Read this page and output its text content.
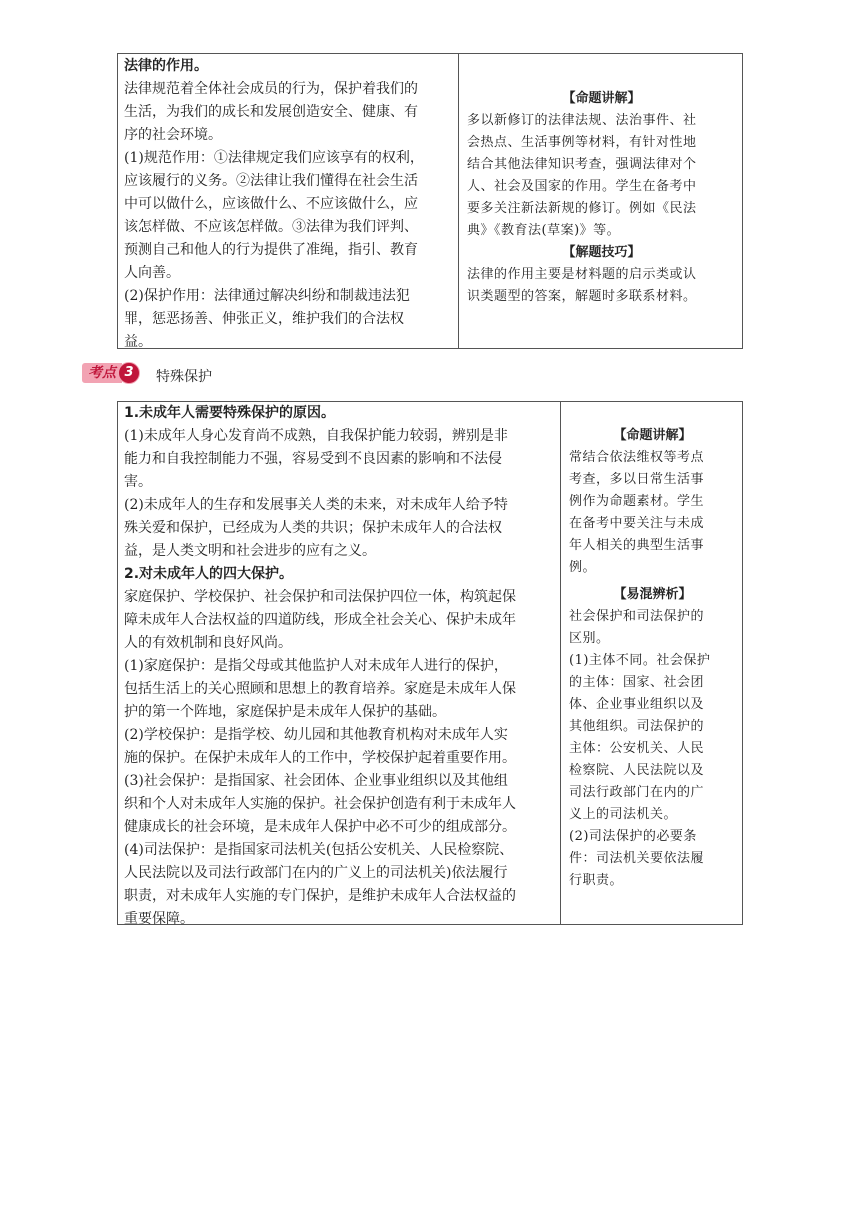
法律的作用。

法律规范着全体社会成员的行为，保护着我们的

生活，为我们的成长和发展创造安全、健康、有

序的社会环境。

(1)规范作用：①法律规定我们应该享有的权利，

应该履行的义务。②法律让我们懂得在社会生活

中可以做什么，应该做什么、不应该做什么，应

该怎样做、不应该怎样做。③法律为我们评判、

预测自己和他人的行为提供了准绳，指引、教育

人向善。

(2)保护作用：法律通过解决纠纷和制裁违法犯

罪，惩恶扬善、伸张正义，维护我们的合法权

益。

【命题讲解】

多以新修订的法律法规、法治事件、社

会热点、生活事例等材料，有针对性地

结合其他法律知识考查，强调法律对个

人、社会及国家的作用。学生在备考中

要多关注新法新规的修订。例如《民法

典》《教育法(草案)》等。

【解题技巧】

法律的作用主要是材料题的启示类或认

识类题型的答案，解题时多联系材料。

考点 3	特殊保护

1.未成年人需要特殊保护的原因。

(1)未成年人身心发育尚不成熟，自我保护能力较弱，辨别是非

能力和自我控制能力不强，容易受到不良因素的影响和不法侵

害。

(2)未成年人的生存和发展事关人类的未来，对未成年人给予特

殊关爱和保护，已经成为人类的共识；保护未成年人的合法权

益，是人类文明和社会进步的应有之义。

2.对未成年人的四大保护。

家庭保护、学校保护、社会保护和司法保护四位一体，构筑起保

障未成年人合法权益的四道防线，形成全社会关心、保护未成年

人的有效机制和良好风尚。

(1)家庭保护：是指父母或其他监护人对未成年人进行的保护，

包括生活上的关心照顾和思想上的教育培养。家庭是未成年人保

护的第一个阵地，家庭保护是未成年人保护的基础。

(2)学校保护：是指学校、幼儿园和其他教育机构对未成年人实

施的保护。在保护未成年人的工作中，学校保护起着重要作用。

(3)社会保护：是指国家、社会团体、企业事业组织以及其他组

织和个人对未成年人实施的保护。社会保护创造有利于未成年人

健康成长的社会环境，是未成年人保护中必不可少的组成部分。

(4)司法保护：是指国家司法机关(包括公安机关、人民检察院、

人民法院以及司法行政部门在内的广义上的司法机关)依法履行

职责，对未成年人实施的专门保护，是维护未成年人合法权益的

重要保障。

【命题讲解】

常结合依法维权等考点

考查，多以日常生活事

例作为命题素材。学生

在备考中要关注与未成

年人相关的典型生活事

例。

【易混辨析】

社会保护和司法保护的

区别。

(1)主体不同。社会保护

的主体：国家、社会团

体、企业事业组织以及

其他组织。司法保护的

主体：公安机关、人民

检察院、人民法院以及

司法行政部门在内的广

义上的司法机关。

(2)司法保护的必要条

件：司法机关要依法履

行职责。
